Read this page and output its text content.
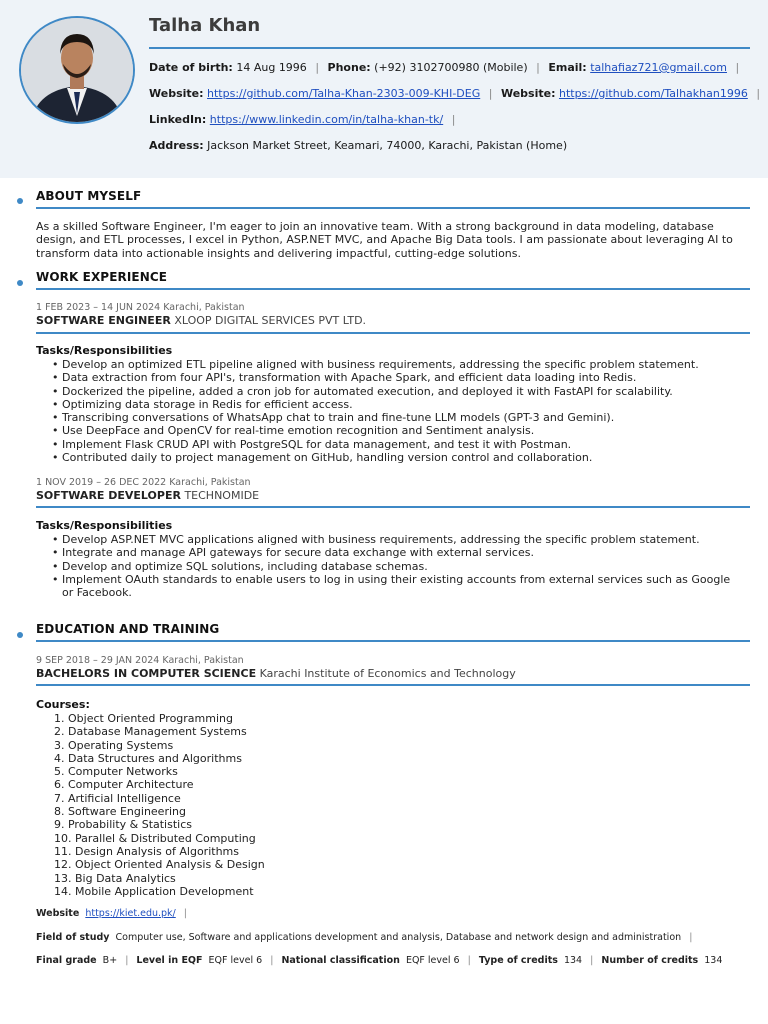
Talha Khan
Date of birth: 14 Aug 1996 | Phone: (+92) 3102700980 (Mobile) | Email: talhafiaz721@gmail.com |
Website: https://github.com/Talha-Khan-2303-009-KHI-DEG | Website: https://github.com/Talhakhan1996 |
LinkedIn: https://www.linkedin.com/in/talha-khan-tk/ |
Address: Jackson Market Street, Keamari, 74000, Karachi, Pakistan (Home)
ABOUT MYSELF
As a skilled Software Engineer, I'm eager to join an innovative team. With a strong background in data modeling, database design, and ETL processes, I excel in Python, ASP.NET MVC, and Apache Big Data tools. I am passionate about leveraging AI to transform data into actionable insights and delivering impactful, cutting-edge solutions.
WORK EXPERIENCE
1 FEB 2023 – 14 JUN 2024 Karachi, Pakistan
SOFTWARE ENGINEER XLOOP DIGITAL SERVICES PVT LTD.
Tasks/Responsibilities
• Develop an optimized ETL pipeline aligned with business requirements, addressing the specific problem statement.
• Data extraction from four API's, transformation with Apache Spark, and efficient data loading into Redis.
• Dockerized the pipeline, added a cron job for automated execution, and deployed it with FastAPI for scalability.
• Optimizing data storage in Redis for efficient access.
• Transcribing conversations of WhatsApp chat to train and fine-tune LLM models (GPT-3 and Gemini).
• Use DeepFace and OpenCV for real-time emotion recognition and Sentiment analysis.
• Implement Flask CRUD API with PostgreSQL for data management, and test it with Postman.
• Contributed daily to project management on GitHub, handling version control and collaboration.
1 NOV 2019 – 26 DEC 2022 Karachi, Pakistan
SOFTWARE DEVELOPER TECHNOMIDE
Tasks/Responsibilities
• Develop ASP.NET MVC applications aligned with business requirements, addressing the specific problem statement.
• Integrate and manage API gateways for secure data exchange with external services.
• Develop and optimize SQL solutions, including database schemas.
• Implement OAuth standards to enable users to log in using their existing accounts from external services such as Google or Facebook.
EDUCATION AND TRAINING
9 SEP 2018 – 29 JAN 2024 Karachi, Pakistan
BACHELORS IN COMPUTER SCIENCE Karachi Institute of Economics and Technology
Courses:
1. Object Oriented Programming
2. Database Management Systems
3. Operating Systems
4. Data Structures and Algorithms
5. Computer Networks
6. Computer Architecture
7. Artificial Intelligence
8. Software Engineering
9. Probability & Statistics
10. Parallel & Distributed Computing
11. Design Analysis of Algorithms
12. Object Oriented Analysis & Design
13. Big Data Analytics
14. Mobile Application Development
Website https://kiet.edu.pk/ |
Field of study Computer use, Software and applications development and analysis, Database and network design and administration |
Final grade B+ | Level in EQF EQF level 6 | National classification EQF level 6 | Type of credits 134 | Number of credits 134
